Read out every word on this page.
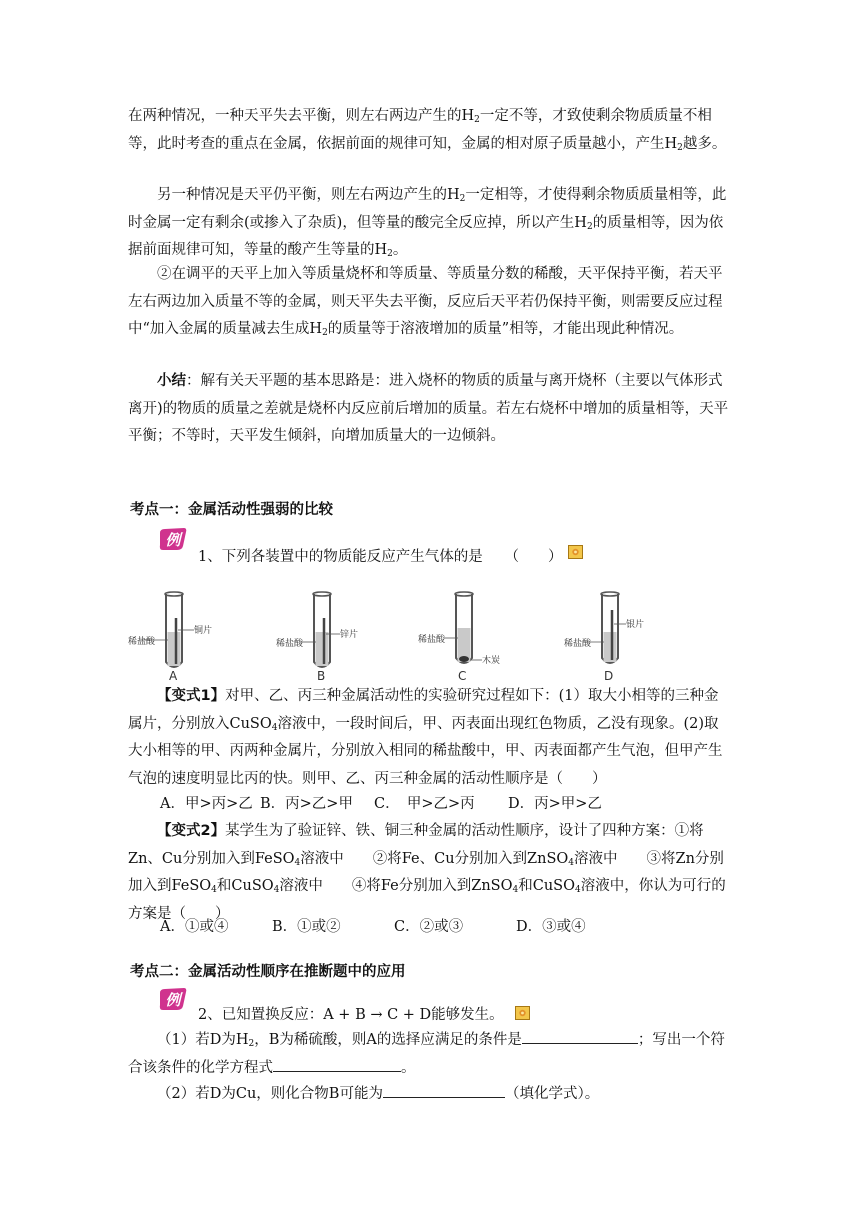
在两种情况，一种天平失去平衡，则左右两边产生的$H_2$一定不等，才致使剩余物质质量不相等，此时考查的重点在金属，依据前面的规律可知，金属的相对原子质量越小，产生$H_2$越多。

另一种情况是天平仍平衡，则左右两边产生的$H_2$一定相等，才使得剩余物质质量相等，此时金属一定有剩余(或掺入了杂质)，但等量的酸完全反应掉，所以产生$H_2$的质量相等，因为依据前面规律可知，等量的酸产生等量的$H_2$。

②在调平的天平上加入等质量烧杯和等质量、等质量分数的稀酸，天平保持平衡，若天平左右两边加入质量不等的金属，则天平失去平衡，反应后天平若仍保持平衡，则需要反应过程中“加入金属的质量减去生成$H_2$的质量等于溶液增加的质量”相等，才能出现此种情况。

小结：解有关天平题的基本思路是：进入烧杯的物质的质量与离开烧杯（主要以气体形式离开)的物质的质量之差就是烧杯内反应前后增加的质量。若左右烧杯中增加的质量相等，天平平衡；不等时，天平发生倾斜，向增加质量大的一边倾斜。

考点一：金属活动性强弱的比较
例
1、下列各装置中的物质能反应产生气体的是　　（　　）
稀盐酸
铜片
A
稀盐酸
锌片
B
稀盐酸
木炭
C
稀盐酸
银片
D

【变式1】对甲、乙、丙三种金属活动性的实验研究过程如下：(1）取大小相等的三种金属片，分别放入CuSO$_4$溶液中，一段时间后，甲、丙表面出现红色物质，乙没有现象。(2)取大小相等的甲、丙两种金属片，分别放入相同的稀盐酸中，甲、丙表面都产生气泡，但甲产生气泡的速度明显比丙的快。则甲、乙、丙三种金属的活动性顺序是（　　）

A．甲>丙>乙 B．丙>乙>甲 C．　甲>乙>丙 D．丙>甲>乙

【变式2】某学生为了验证锌、铁、铜三种金属的活动性顺序，设计了四种方案：①将Zn、Cu分别加入到FeSO$_4$溶液中　　②将Fe、Cu分别加入到ZnSO$_4$溶液中　　③将Zn分别加入到FeSO$_4$和CuSO$_4$溶液中　　④将Fe分别加入到ZnSO$_4$和CuSO$_4$溶液中，你认为可行的方案是（　　）

A．①或④	B．①或②	C．②或③	D．③或④
考点二：金属活动性顺序在推断题中的应用
例
2、已知置换反应：A + B → C + D能够发生。

（1）若D为$H_2$，B为稀硫酸，则A的选择应满足的条件是	；写出一个符合该条件的化学方程式	。

（2）若D为Cu，则化合物B可能为	（填化学式）。
